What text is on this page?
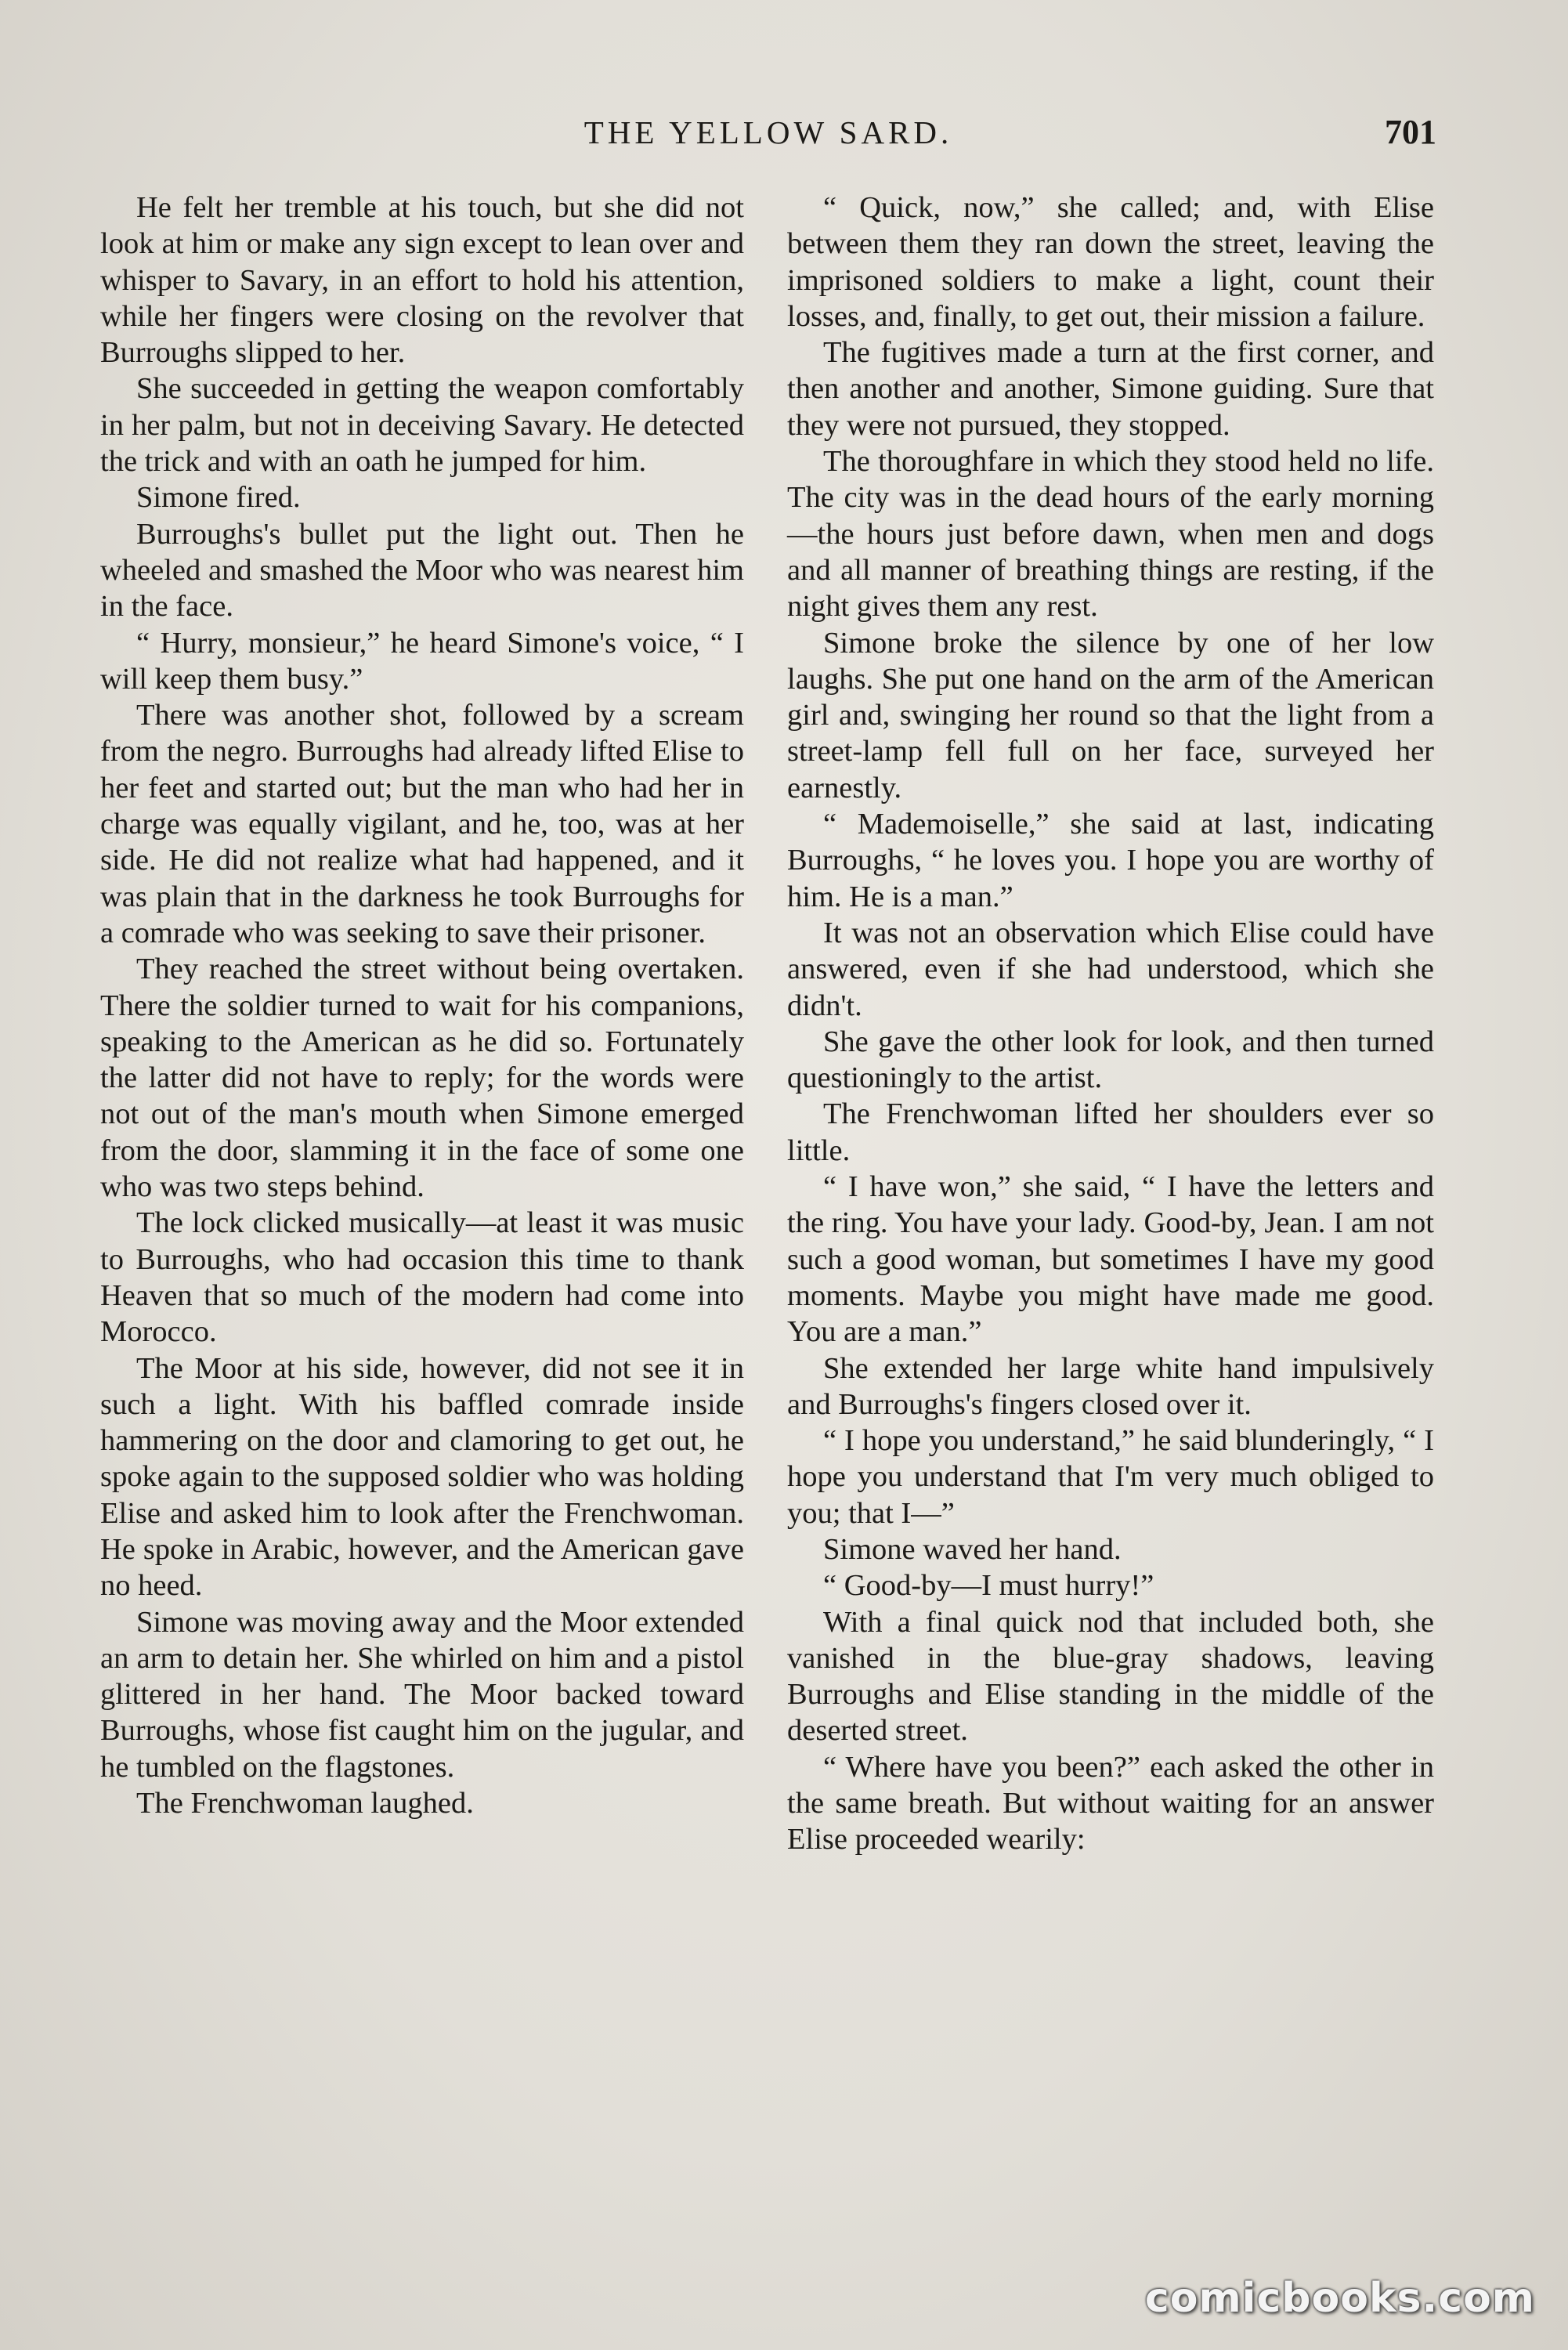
THE YELLOW SARD.	701

He felt her tremble at his touch, but she did not look at him or make any sign except to lean over and whisper to Savary, in an effort to hold his attention, while her fingers were closing on the revolver that Burroughs slipped to her.

She succeeded in getting the weapon comfortably in her palm, but not in deceiving Savary. He detected the trick and with an oath he jumped for him.

Simone fired.

Burroughs's bullet put the light out. Then he wheeled and smashed the Moor who was nearest him in the face.

“ Hurry, monsieur,” he heard Simone's voice, “ I will keep them busy.”

There was another shot, followed by a scream from the negro. Burroughs had already lifted Elise to her feet and started out; but the man who had her in charge was equally vigilant, and he, too, was at her side. He did not realize what had happened, and it was plain that in the darkness he took Burroughs for a comrade who was seeking to save their prisoner.

They reached the street without being overtaken. There the soldier turned to wait for his companions, speaking to the American as he did so. Fortunately the latter did not have to reply; for the words were not out of the man's mouth when Simone emerged from the door, slamming it in the face of some one who was two steps behind.

The lock clicked musically—at least it was music to Burroughs, who had occasion this time to thank Heaven that so much of the modern had come into Morocco.

The Moor at his side, however, did not see it in such a light. With his baffled comrade inside hammering on the door and clamoring to get out, he spoke again to the supposed soldier who was holding Elise and asked him to look after the Frenchwoman. He spoke in Arabic, however, and the American gave no heed.

Simone was moving away and the Moor extended an arm to detain her. She whirled on him and a pistol glittered in her hand. The Moor backed toward Burroughs, whose fist caught him on the jugular, and he tumbled on the flagstones.

The Frenchwoman laughed.

“ Quick, now,” she called; and, with Elise between them they ran down the street, leaving the imprisoned soldiers to make a light, count their losses, and, finally, to get out, their mission a failure.

The fugitives made a turn at the first corner, and then another and another, Simone guiding. Sure that they were not pursued, they stopped.

The thoroughfare in which they stood held no life. The city was in the dead hours of the early morning—the hours just before dawn, when men and dogs and all manner of breathing things are resting, if the night gives them any rest.

Simone broke the silence by one of her low laughs. She put one hand on the arm of the American girl and, swinging her round so that the light from a street-lamp fell full on her face, surveyed her earnestly.

“ Mademoiselle,” she said at last, indicating Burroughs, “ he loves you. I hope you are worthy of him. He is a man.”

It was not an observation which Elise could have answered, even if she had understood, which she didn't.

She gave the other look for look, and then turned questioningly to the artist.

The Frenchwoman lifted her shoulders ever so little.

“ I have won,” she said, “ I have the letters and the ring. You have your lady. Good-by, Jean. I am not such a good woman, but sometimes I have my good moments. Maybe you might have made me good. You are a man.”

She extended her large white hand impulsively and Burroughs's fingers closed over it.

“ I hope you understand,” he said blunderingly, “ I hope you understand that I'm very much obliged to you; that I—”

Simone waved her hand.

“ Good-by—I must hurry!”

With a final quick nod that included both, she vanished in the blue-gray shadows, leaving Burroughs and Elise standing in the middle of the deserted street.

“ Where have you been?” each asked the other in the same breath. But without waiting for an answer Elise proceeded wearily:

comicbooks.com
